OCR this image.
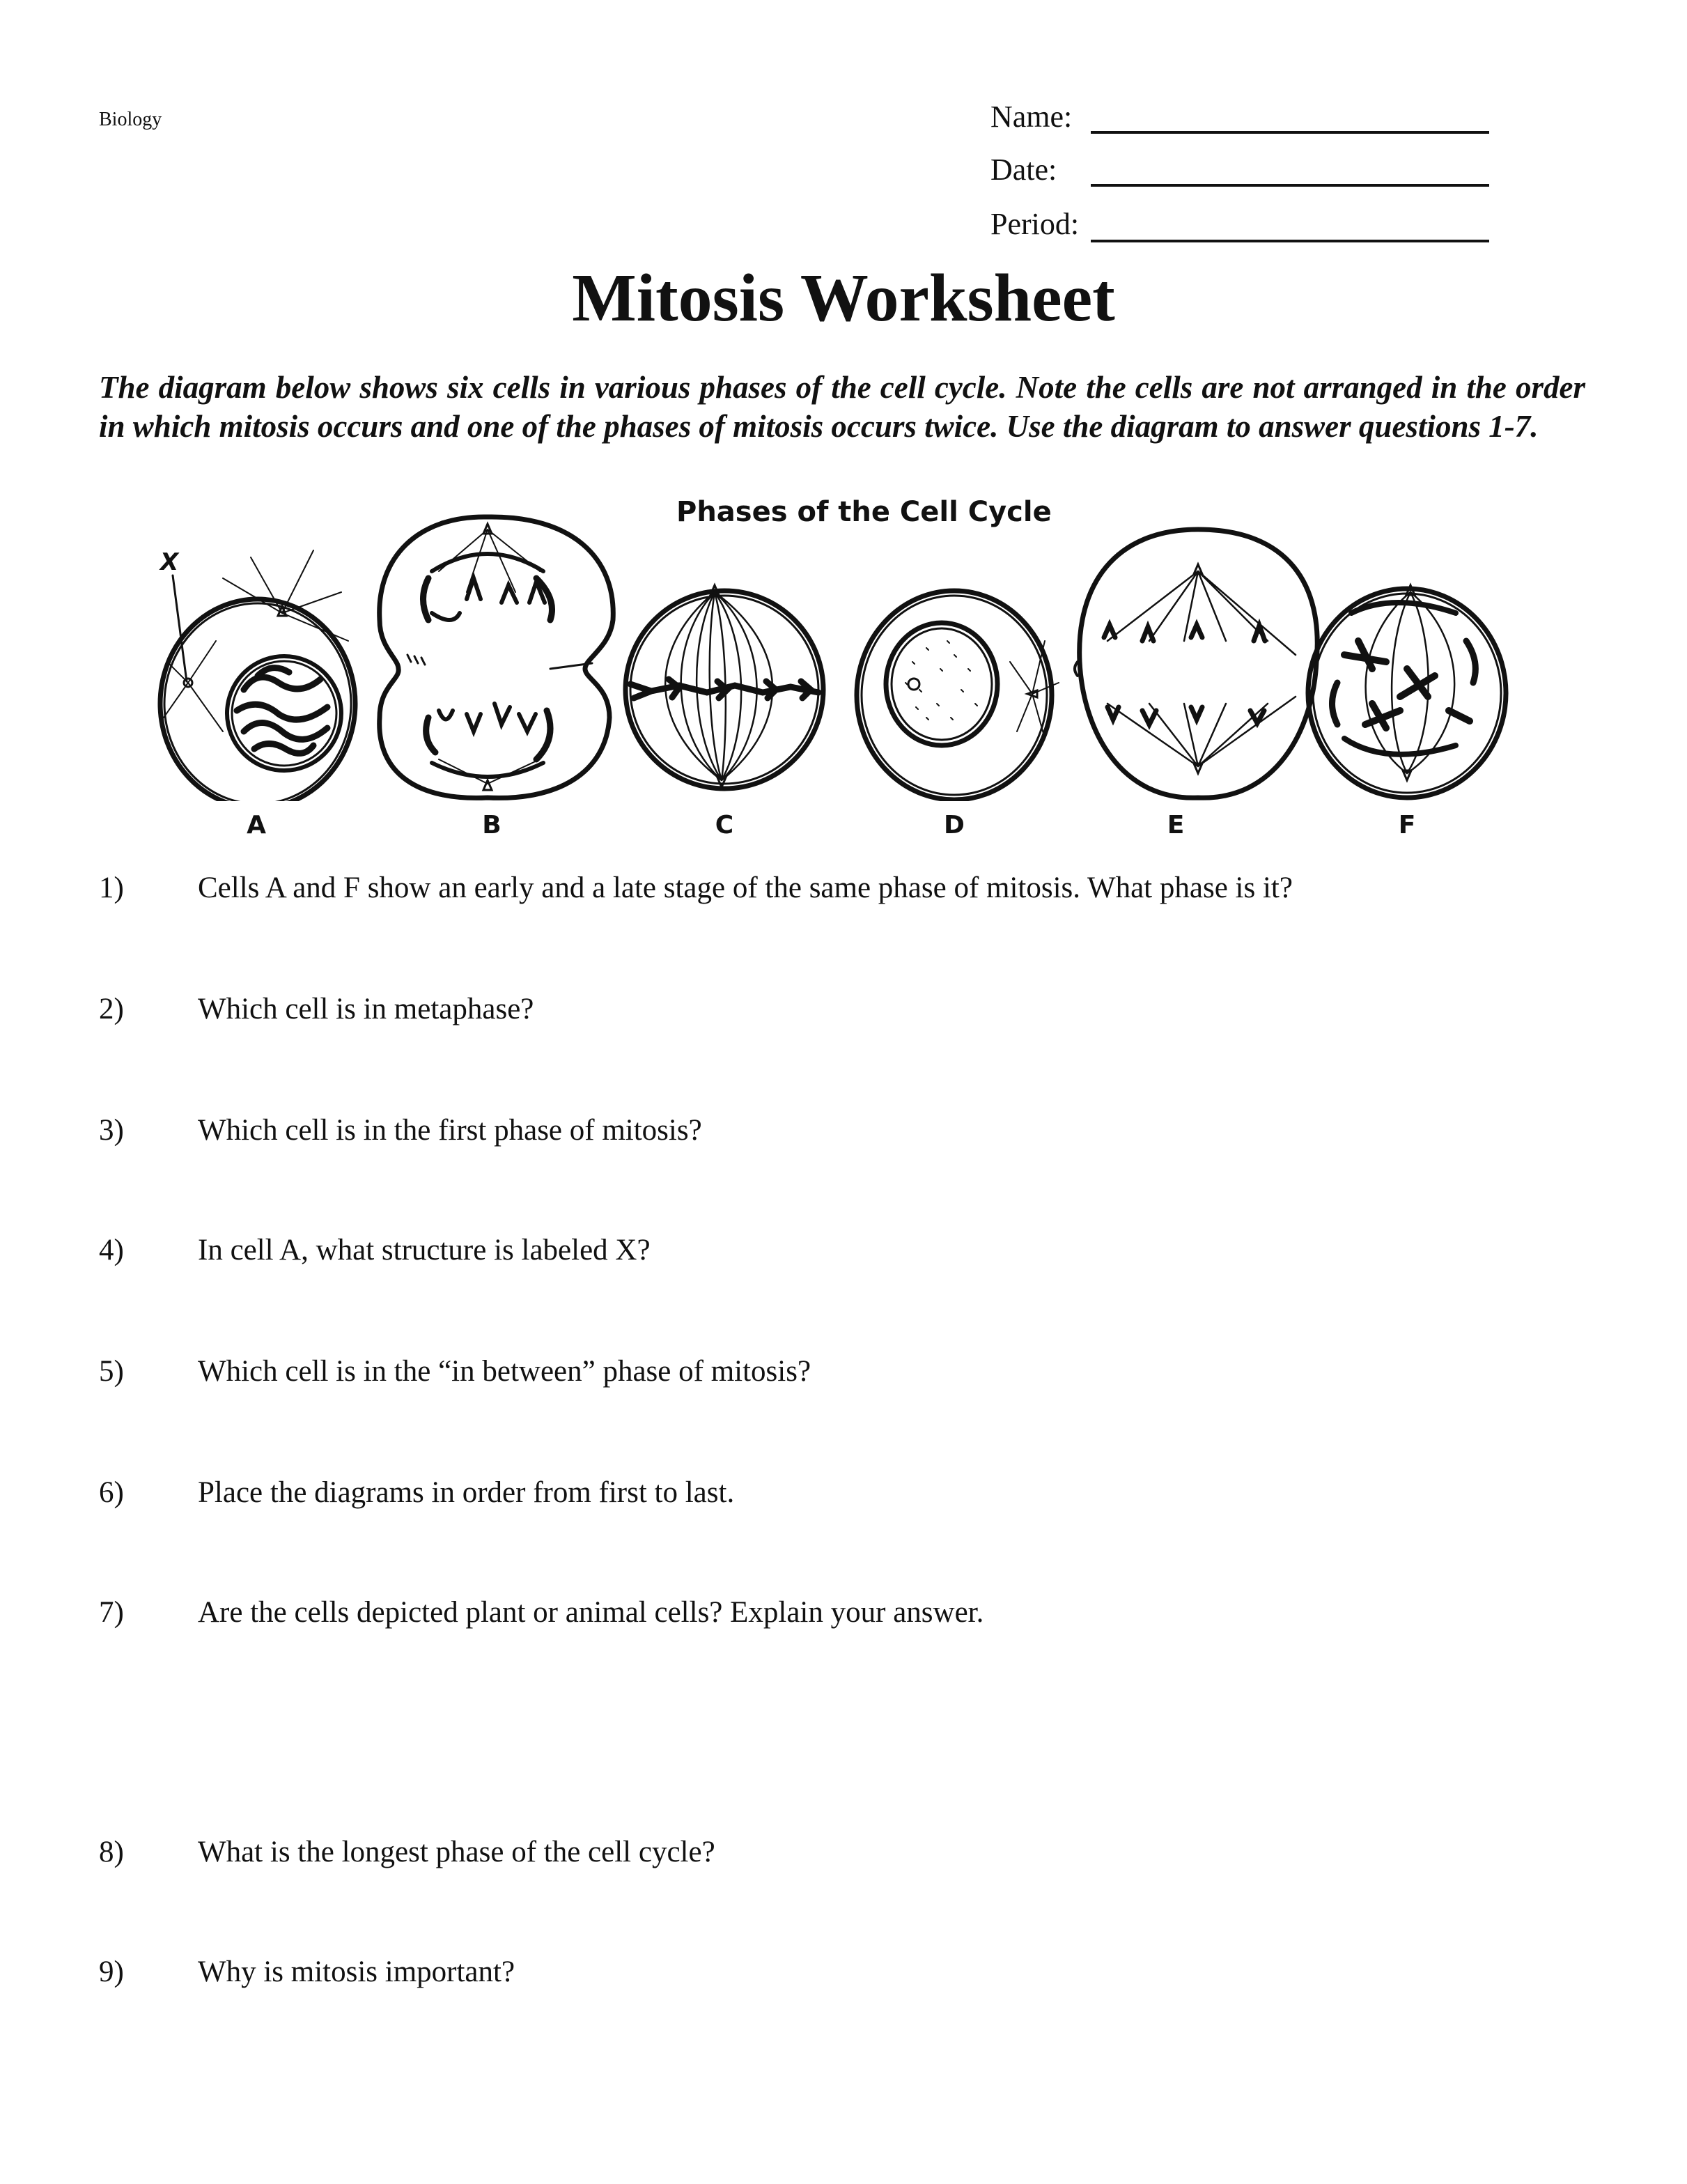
Biology	Name:
Date:
Period:
Mitosis Worksheet
The diagram below shows six cells in various phases of the cell cycle. Note the cells are not arranged in the order in which mitosis occurs and one of the phases of mitosis occurs twice. Use the diagram to answer questions 1-7.
Phases of the Cell Cycle
X
A	B	C	D	E	F
1) Cells A and F show an early and a late stage of the same phase of mitosis. What phase is it?
2) Which cell is in metaphase?
3) Which cell is in the first phase of mitosis?
4) In cell A, what structure is labeled X?
5) Which cell is in the “in between” phase of mitosis?
6) Place the diagrams in order from first to last.
7) Are the cells depicted plant or animal cells? Explain your answer.
8) What is the longest phase of the cell cycle?
9) Why is mitosis important?
